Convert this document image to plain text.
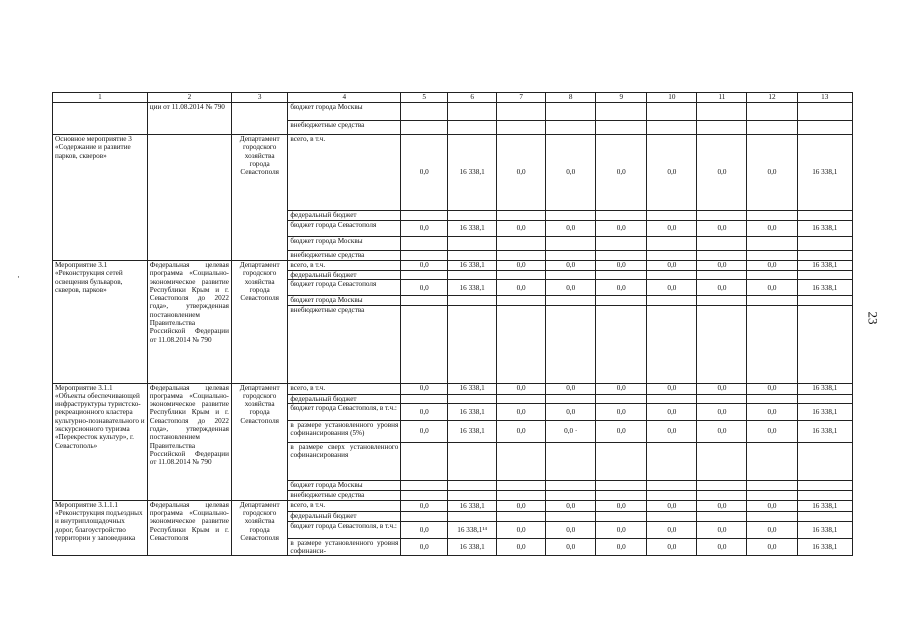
·
1	2	3	4	5	6	7	8	9	10	11	12	13
	ции от 11.08.2014 № 790		бюджет города Москвы									
			внебюджетные средства									
Основное мероприятие 3 «Содержание и развитие парков, скверов»		Департамент городского хозяйства города Севастополя	всего, в т.ч.	0,0	16 338,1	0,0	0,0	0,0	0,0	0,0	0,0	16 338,1
			федеральный бюджет									
			бюджет города Севастополя	0,0	16 338,1	0,0	0,0	0,0	0,0	0,0	0,0	16 338,1
			бюджет города Москвы									
			внебюджетные средства									
Мероприятие 3.1 «Реконструкция сетей освещения бульваров, скверов, парков»	Федеральная целевая программа «Социально-экономическое развитие Республики Крым и г. Севастополя до 2022 года», утвержденная постановлением Правительства Российской Федерации от 11.08.2014 № 790	Департамент городского хозяйства города Севастополя	всего, в т.ч.	0,0	16 338,1	0,0	0,0	0,0	0,0	0,0	0,0	16 338,1
			федеральный бюджет									
			бюджет города Севастополя	0,0	16 338,1	0,0	0,0	0,0	0,0	0,0	0,0	16 338,1
			бюджет города Москвы									
			внебюджетные средства									
Мероприятие 3.1.1 «Объекты обеспечивающей инфраструктуры туристско-рекреационного кластера культурно-познавательного и экскурсионного туризма «Перекресток культур», г. Севастополь»	Федеральная целевая программа «Социально-экономическое развитие Республики Крым и г. Севастополя до 2022 года», утвержденная постановлением Правительства Российской Федерации от 11.08.2014 № 790	Департамент городского хозяйства города Севастополя	всего, в т.ч.	0,0	16 338,1	0,0	0,0	0,0	0,0	0,0	0,0	16 338,1
			федеральный бюджет									
			бюджет города Севастополя, в т.ч.:	0,0	16 338,1	0,0	0,0	0,0	0,0	0,0	0,0	16 338,1
			в размере установленного уровня софинансирования (5%)	0,0	16 338,1	0,0	0,0 ·	0,0	0,0	0,0	0,0	16 338,1
			в размере сверх установленного софинансирования									
			бюджет города Москвы									
			внебюджетные средства									
Мероприятие 3.1.1.1 «Реконструкция подъездных и внутриплощадочных дорог, благоустройство территории у заповедника	Федеральная целевая программа «Социально-экономическое развитие Республики Крым и г. Севастополя	Департамент городского хозяйства города Севастополя	всего, в т.ч.	0,0	16 338,1	0,0	0,0	0,0	0,0	0,0	0,0	16 338,1
			федеральный бюджет									
			бюджет города Севастополя, в т.ч.:	0,0	16 338,1¹⁴	0,0	0,0	0,0	0,0	0,0	0,0	16 338,1
			в размере установленного уровня софинанси-	0,0	16 338,1	0,0	0,0	0,0	0,0	0,0	0,0	16 338,1
23
